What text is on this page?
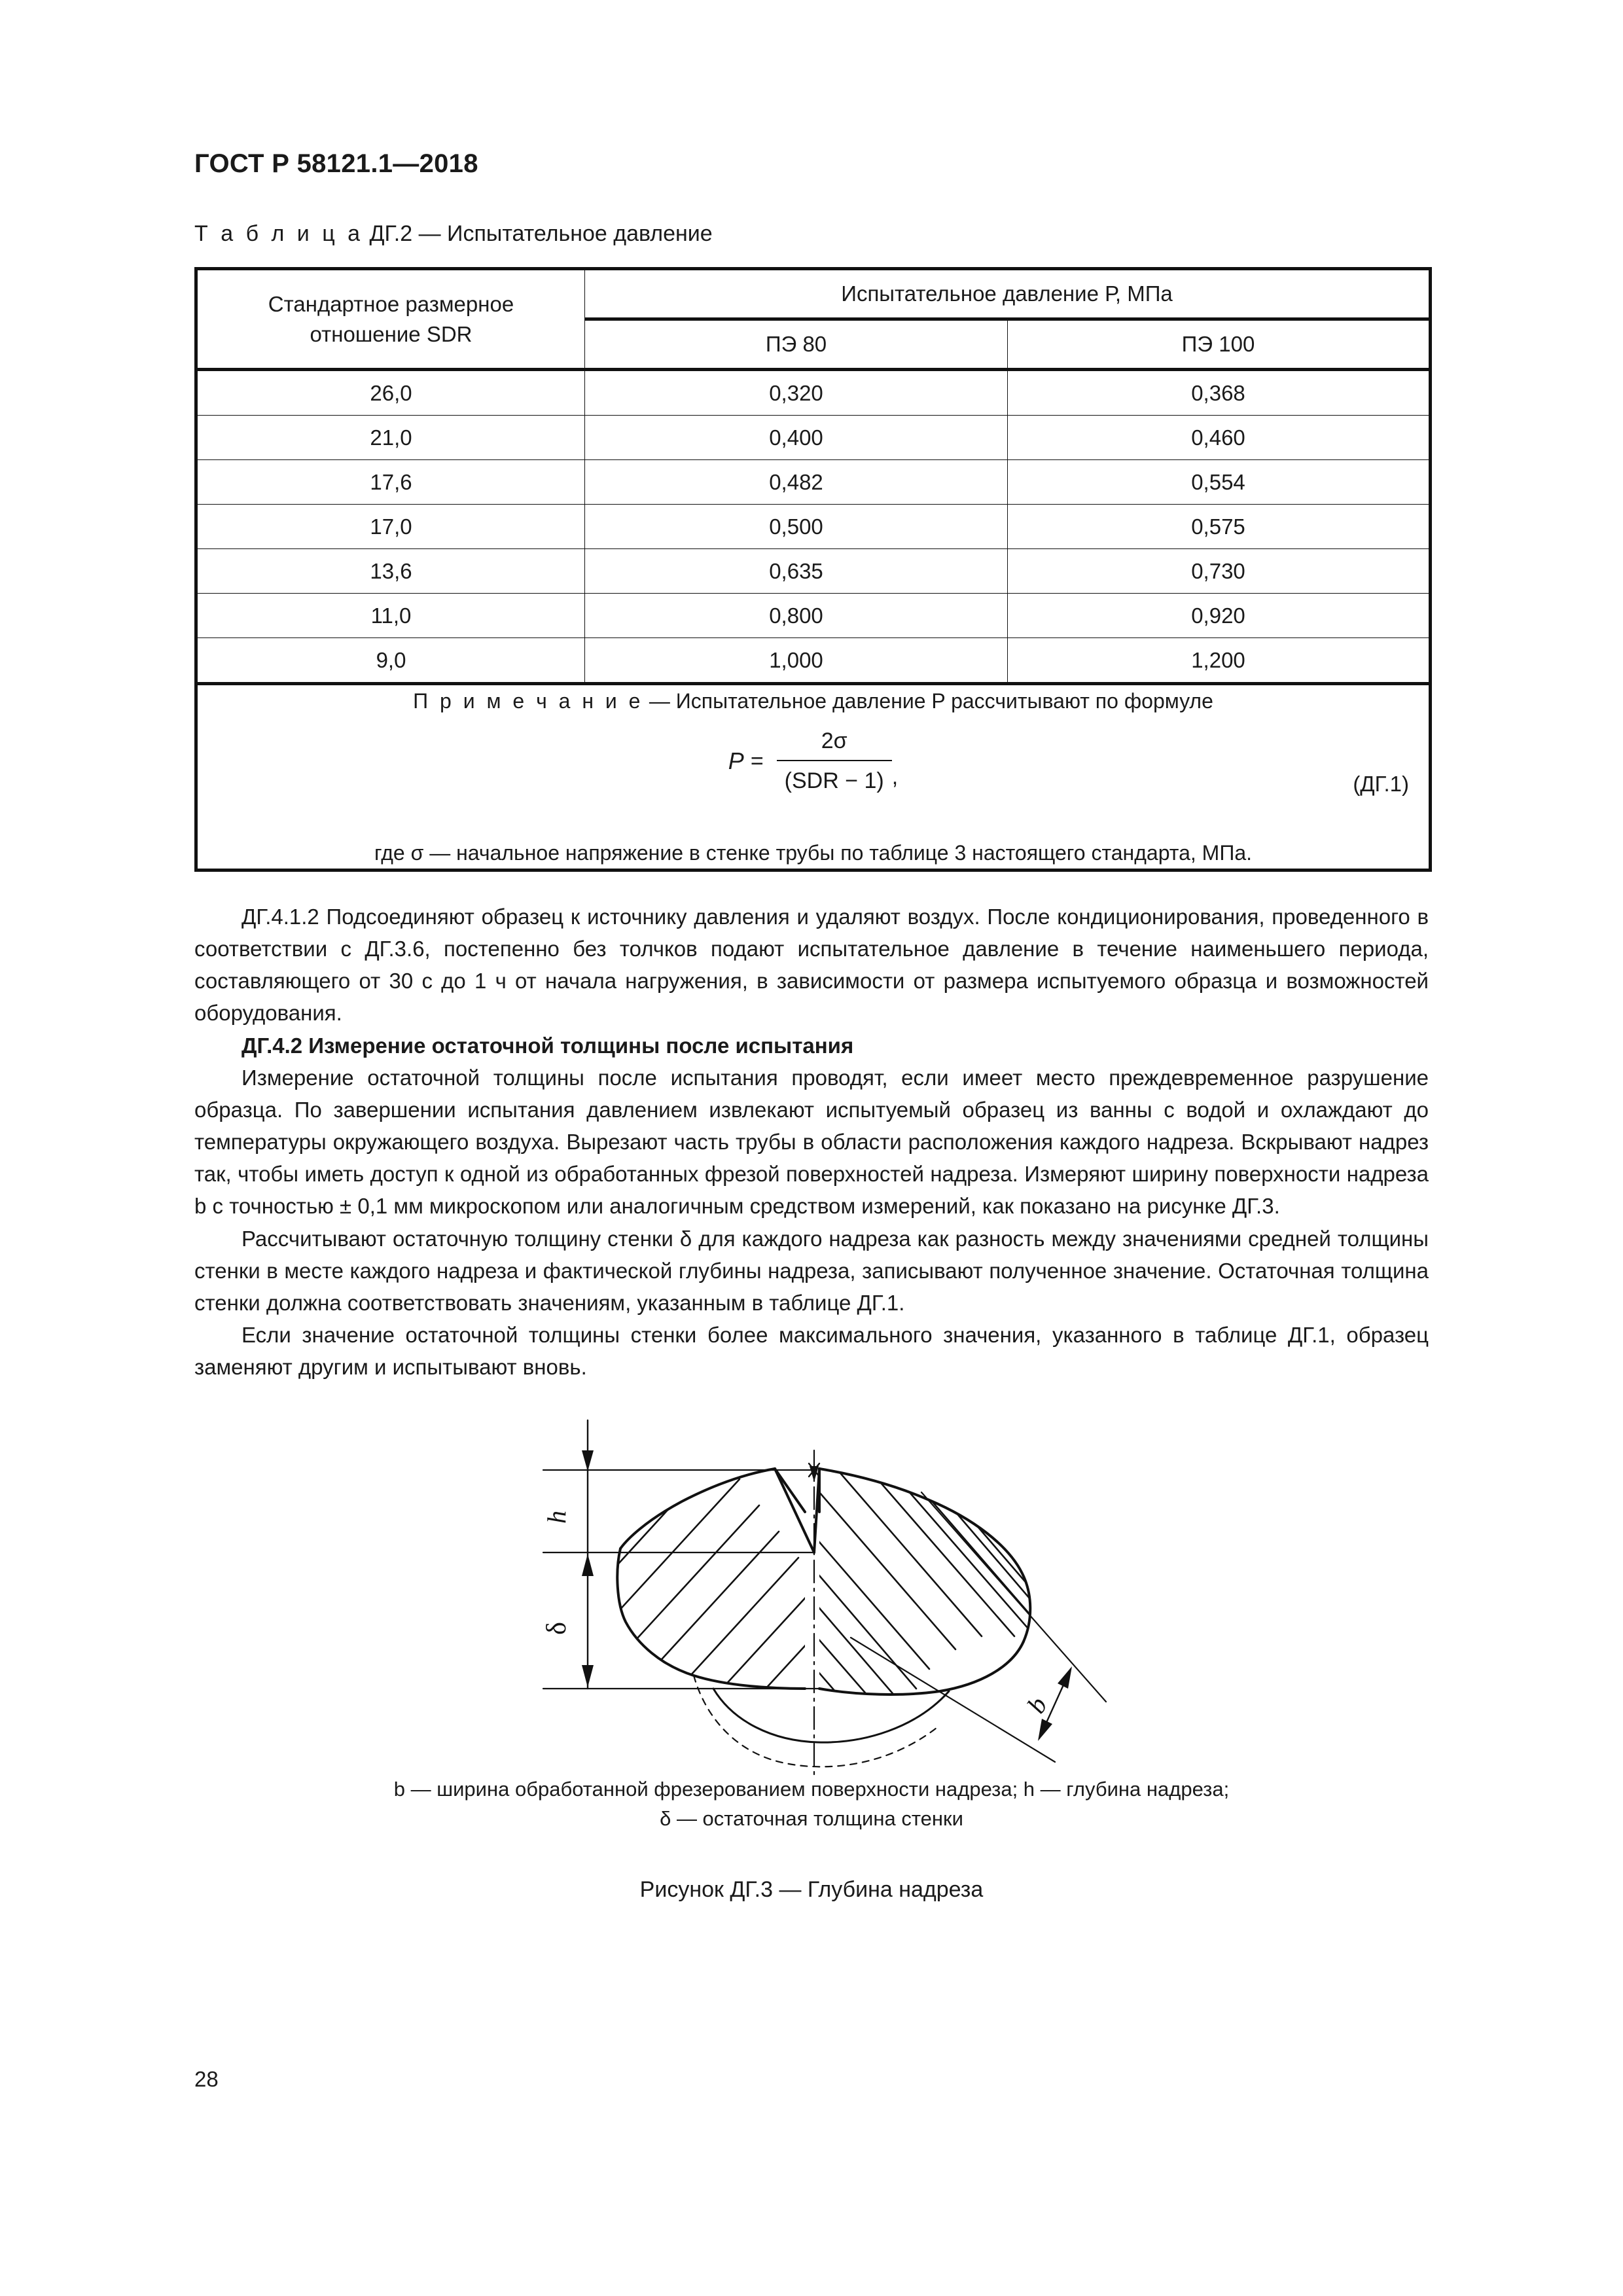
ГОСТ Р 58121.1—2018
Т а б л и ц а ДГ.2 — Испытательное давление
Стандартное размерное
отношение SDR	Испытательное давление Р, МПа	
	ПЭ 80	ПЭ 100
26,0	0,320	0,368
21,0	0,400	0,460
17,6	0,482	0,554
17,0	0,500	0,575
13,6	0,635	0,730
11,0	0,800	0,920
9,0	1,000	1,200

П р и м е ч а н и е — Испытательное давление P рассчитывают по формуле
$P = \frac{2\sigma}{\text{(SDR − 1)}}$ ,	(ДГ.1)
где σ — начальное напряжение в стенке трубы по таблице 3 настоящего стандарта, МПа.

ДГ.4.1.2 Подсоединяют образец к источнику давления и удаляют воздух. После кондиционирования, проведенного в соответствии с ДГ.3.6, постепенно без толчков подают испытательное давление в течение наименьшего периода, составляющего от 30 с до 1 ч от начала нагружения, в зависимости от размера испытуемого образца и возможностей оборудования.

ДГ.4.2 Измерение остаточной толщины после испытания

Измерение остаточной толщины после испытания проводят, если имеет место преждевременное разрушение образца. По завершении испытания давлением извлекают испытуемый образец из ванны с водой и охлаждают до температуры окружающего воздуха. Вырезают часть трубы в области расположения каждого надреза. Вскрывают надрез так, чтобы иметь доступ к одной из обработанных фрезой поверхностей надреза. Измеряют ширину поверхности надреза b с точностью ± 0,1 мм микроскопом или аналогичным средством измерений, как показано на рисунке ДГ.3.

Рассчитывают остаточную толщину стенки δ для каждого надреза как разность между значениями средней толщины стенки в месте каждого надреза и фактической глубины надреза, записывают полученное значение. Остаточная толщина стенки должна соответствовать значениям, указанным в таблице ДГ.1.

Если значение остаточной толщины стенки более максимального значения, указанного в таблице ДГ.1, образец заменяют другим и испытывают вновь.

h
δ
b
b — ширина обработанной фрезерованием поверхности надреза; h — глубина надреза;
δ — остаточная толщина стенки
Рисунок ДГ.3 — Глубина надреза
28
